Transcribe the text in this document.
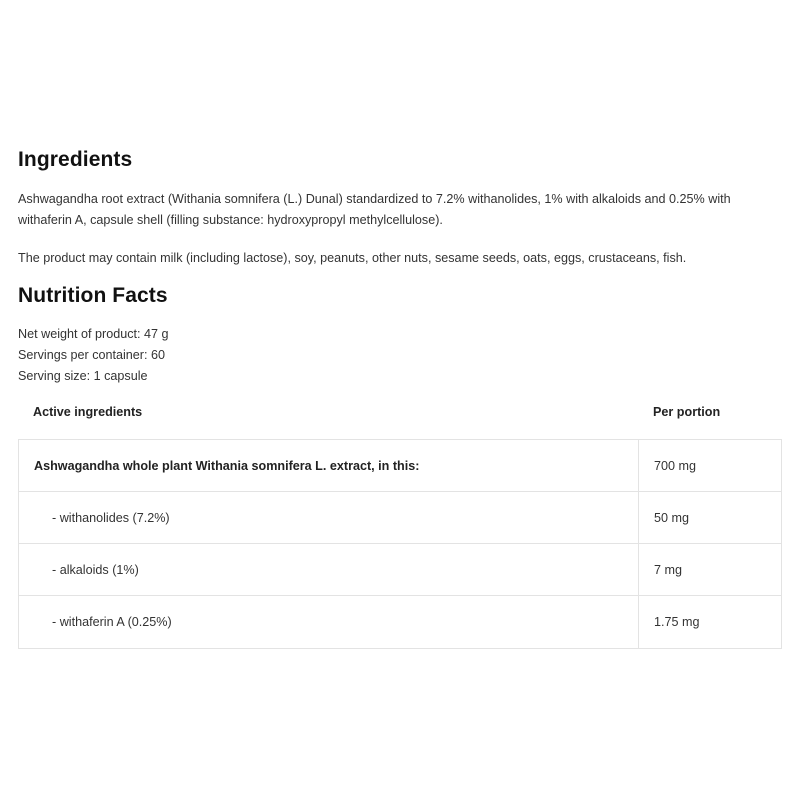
Ingredients

Ashwagandha root extract (Withania somnifera (L.) Dunal) standardized to 7.2% withanolides, 1% with alkaloids and 0.25% with withaferin A, capsule shell (filling substance: hydroxypropyl methylcellulose).

The product may contain milk (including lactose), soy, peanuts, other nuts, sesame seeds, oats, eggs, crustaceans, fish.

Nutrition Facts
Net weight of product: 47 g
Servings per container: 60
Serving size: 1 capsule
Active ingredients	Per portion
Ashwagandha whole plant Withania somnifera L. extract, in this:	700 mg
- withanolides (7.2%)	50 mg
- alkaloids (1%)	7 mg
- withaferin A (0.25%)	1.75 mg
